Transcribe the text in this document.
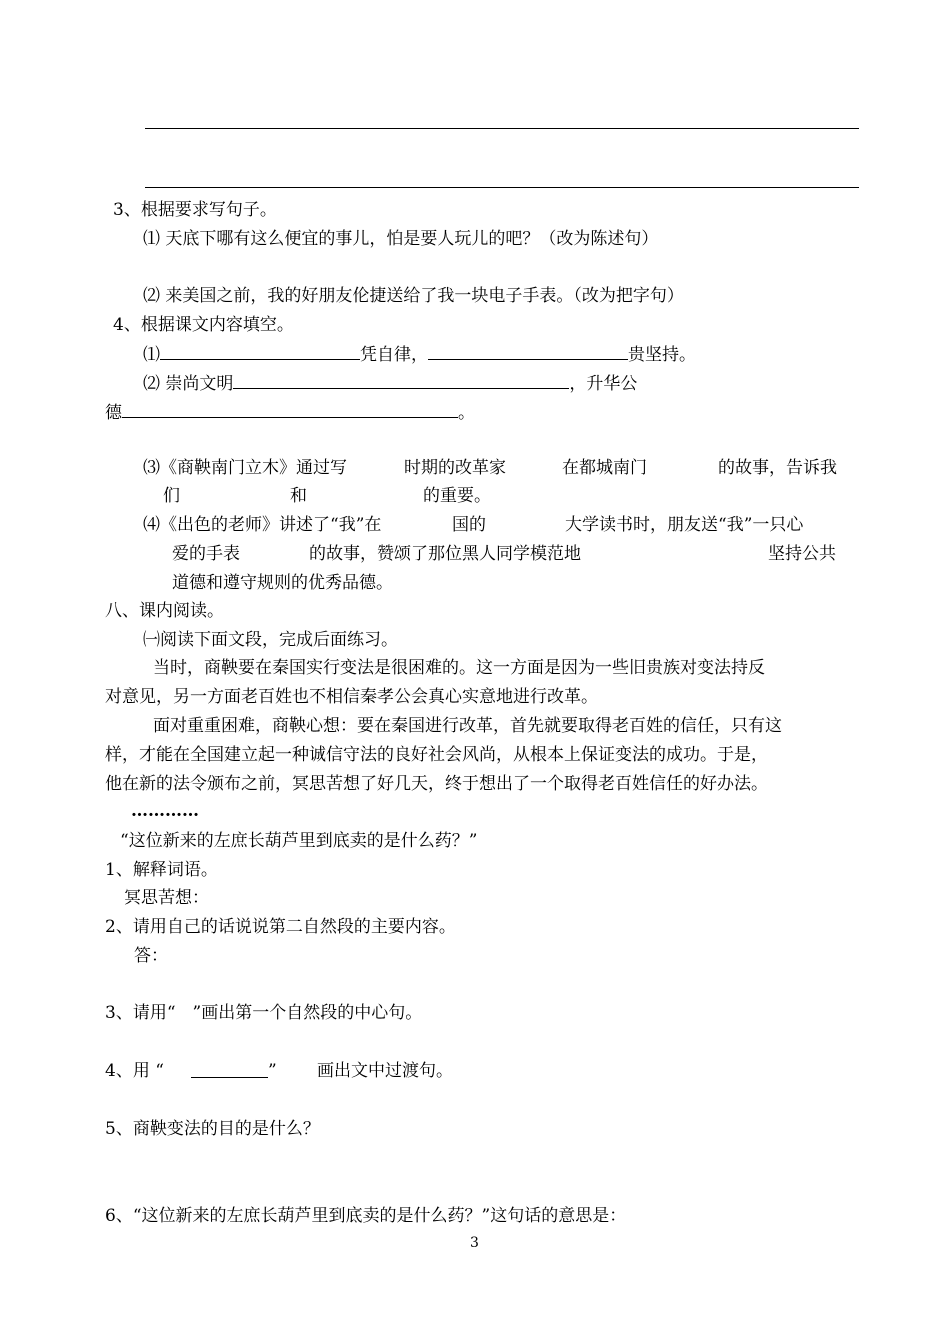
3、根据要求写句子。
⑴ 天底下哪有这么便宜的事儿，怕是要人玩儿的吧？（改为陈述句）
⑵ 来美国之前，我的好朋友伦捷送给了我一块电子手表。（改为把字句）
4、根据课文内容填空。
⑴	凭自律，	贵坚持。
⑵ 崇尚文明	，升华公
德	。
⑶《商鞅南门立木》通过写	时期的改革家	在都城南门	的故事，告诉我
们	和	的重要。
⑷《出色的老师》讲述了“我”在	国的	大学读书时，朋友送“我”一只心
爱的手表	的故事，赞颂了那位黑人同学模范地	坚持公共
道德和遵守规则的优秀品德。
八、课内阅读。
㈠阅读下面文段，完成后面练习。
当时，商鞅要在秦国实行变法是很困难的。这一方面是因为一些旧贵族对变法持反
对意见，另一方面老百姓也不相信秦孝公会真心实意地进行改革。
面对重重困难，商鞅心想：要在秦国进行改革，首先就要取得老百姓的信任，只有这
样，才能在全国建立起一种诚信守法的良好社会风尚，从根本上保证变法的成功。于是，
他在新的法令颁布之前，冥思苦想了好几天，终于想出了一个取得老百姓信任的好办法。
…………
“这位新来的左庶长葫芦里到底卖的是什么药？”
1、解释词语。
冥思苦想：
2、请用自己的话说说第二自然段的主要内容。
答：
3、请用“　”画出第一个自然段的中心句。
4、用 “	” 画出文中过渡句。
5、商鞅变法的目的是什么？
6、“这位新来的左庶长葫芦里到底卖的是什么药？”这句话的意思是：
3
